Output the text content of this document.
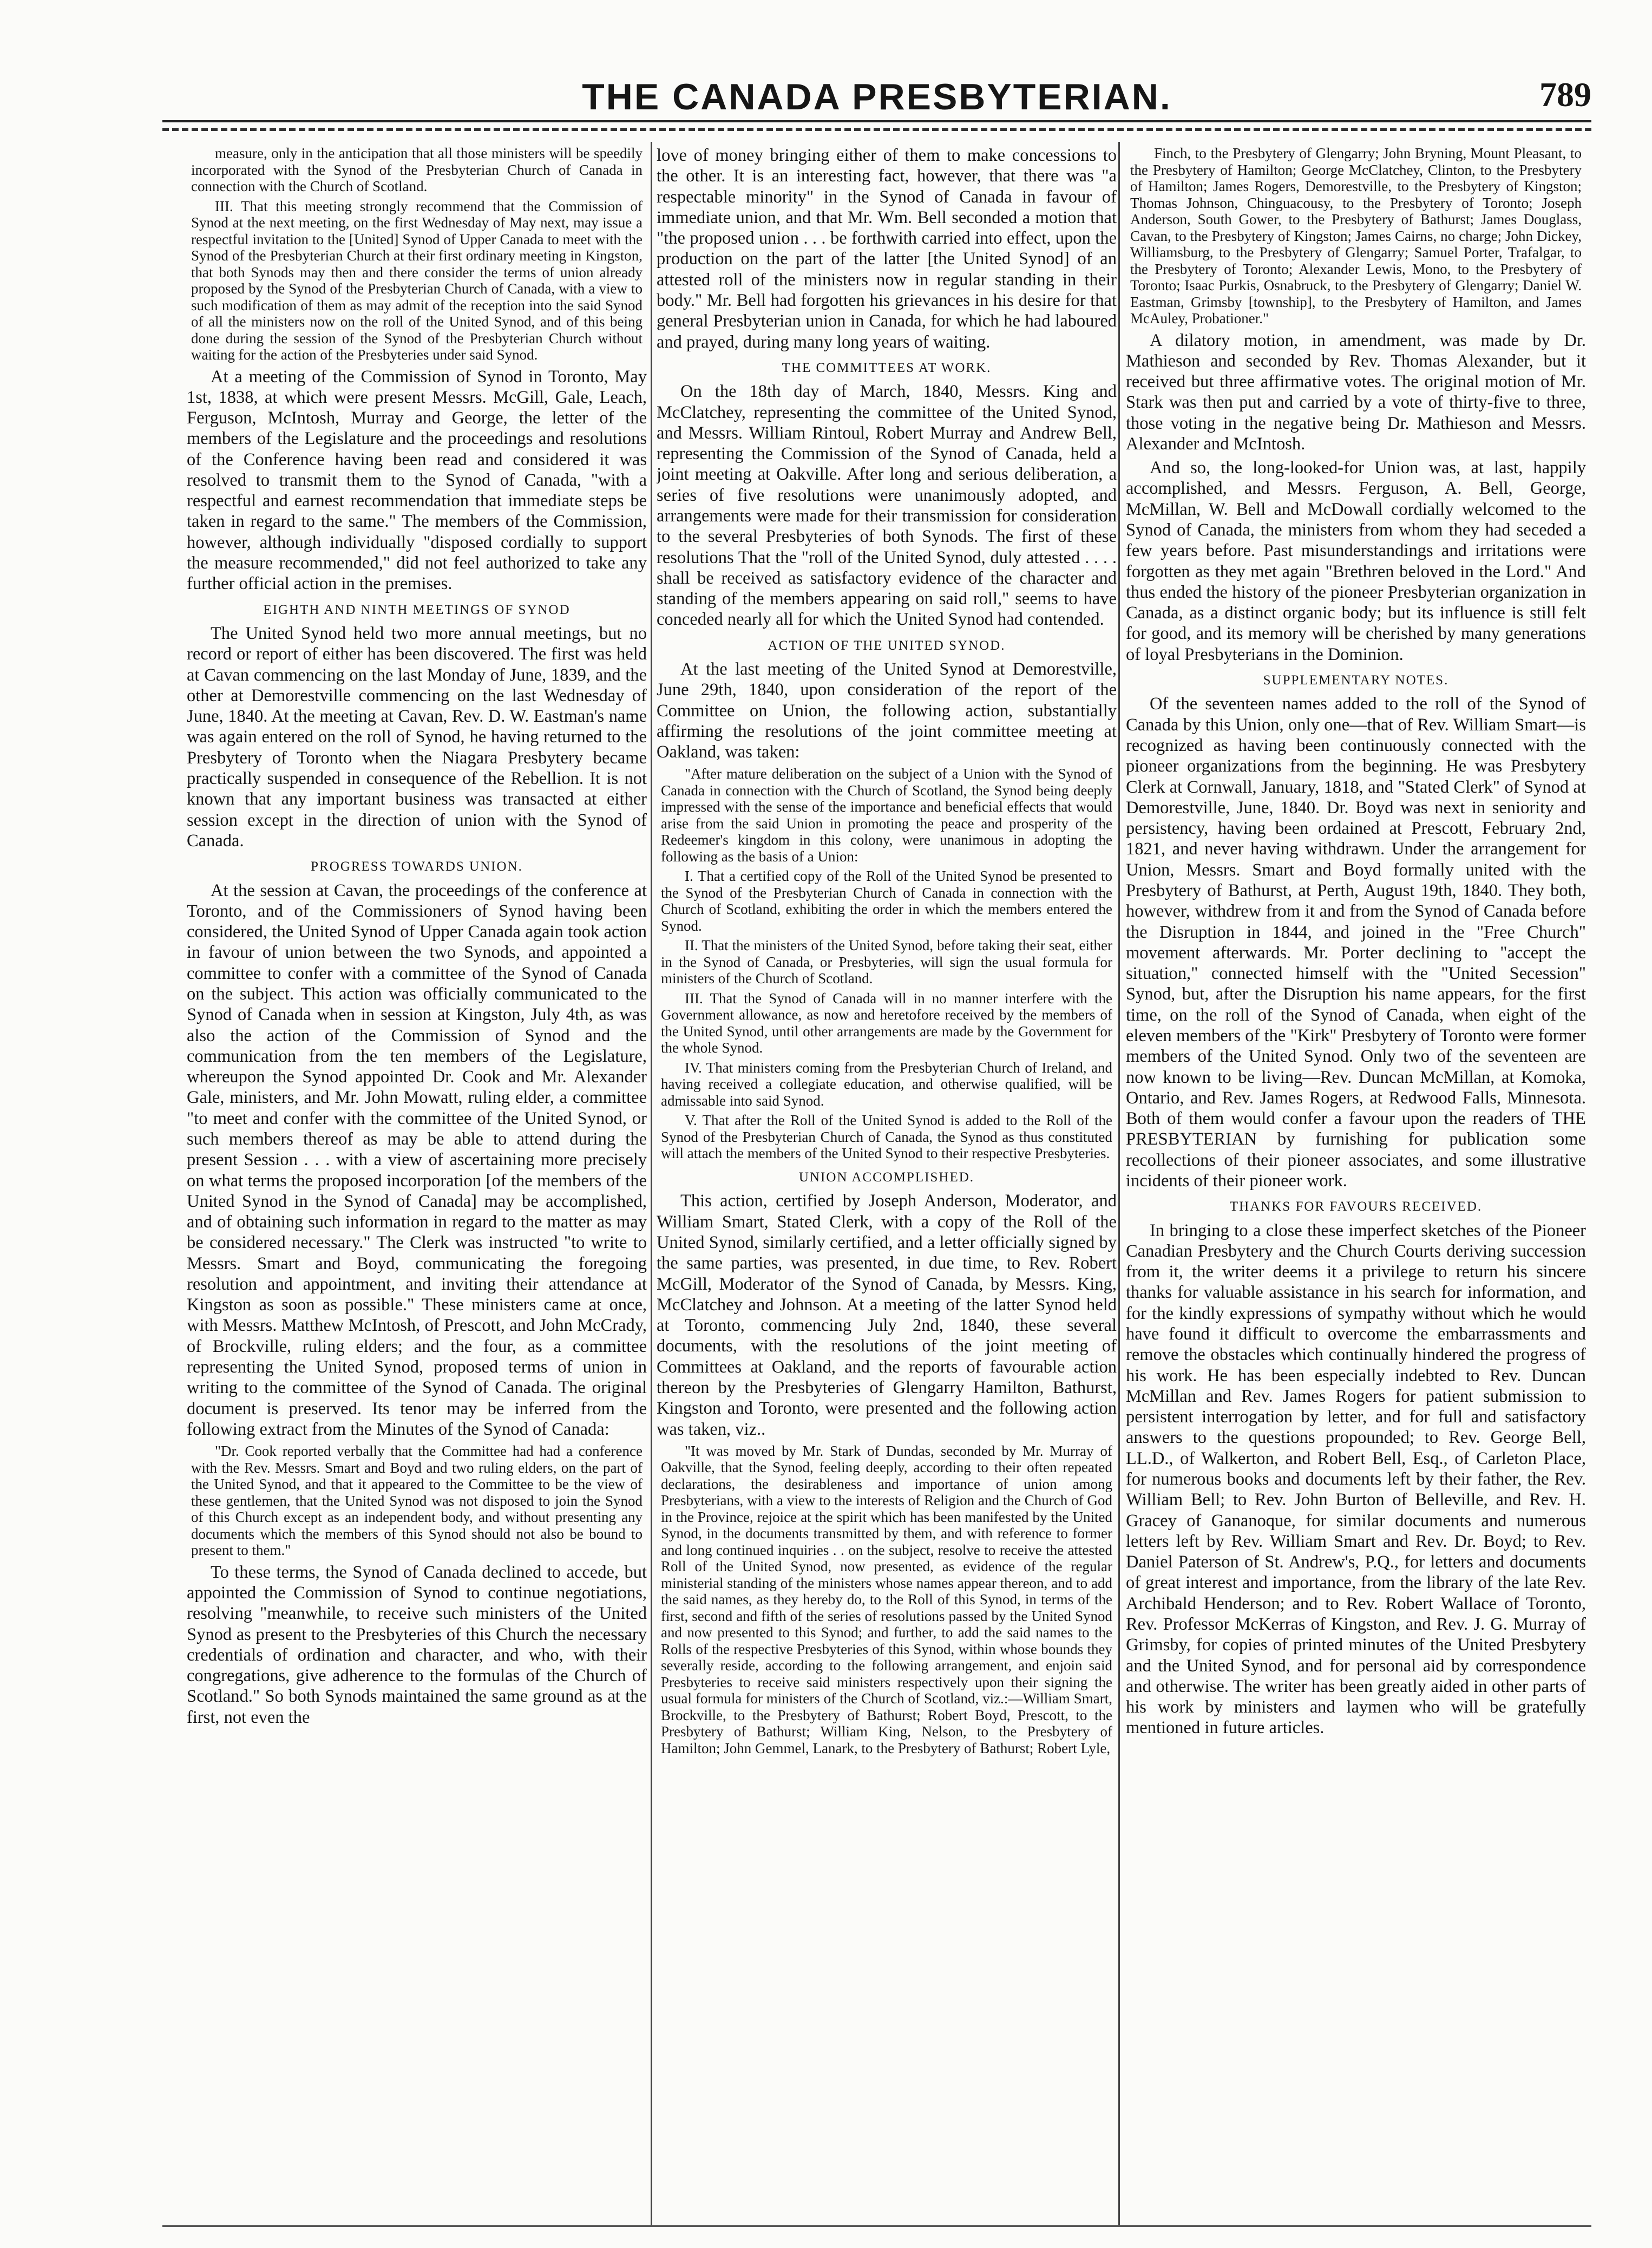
THE CANADA PRESBYTERIAN.	789

measure, only in the anticipation that all those ministers will be speedily incorporated with the Synod of the Presbyterian Church of Canada in connection with the Church of Scotland.

III. That this meeting strongly recommend that the Commission of Synod at the next meeting, on the first Wednesday of May next, may issue a respectful invitation to the [United] Synod of Upper Canada to meet with the Synod of the Presbyterian Church at their first ordinary meeting in Kingston, that both Synods may then and there consider the terms of union already proposed by the Synod of the Presbyterian Church of Canada, with a view to such modification of them as may admit of the reception into the said Synod of all the ministers now on the roll of the United Synod, and of this being done during the session of the Synod of the Presbyterian Church without waiting for the action of the Presbyteries under said Synod.

At a meeting of the Commission of Synod in Toronto, May 1st, 1838, at which were present Messrs. McGill, Gale, Leach, Ferguson, McIntosh, Murray and George, the letter of the members of the Legislature and the proceedings and resolutions of the Conference having been read and considered it was resolved to transmit them to the Synod of Canada, "with a respectful and earnest recommendation that immediate steps be taken in regard to the same." The members of the Commission, however, although individually "disposed cordially to support the measure recommended," did not feel authorized to take any further official action in the premises.

EIGHTH AND NINTH MEETINGS OF SYNOD

The United Synod held two more annual meetings, but no record or report of either has been discovered. The first was held at Cavan commencing on the last Monday of June, 1839, and the other at Demorestville commencing on the last Wednesday of June, 1840. At the meeting at Cavan, Rev. D. W. Eastman's name was again entered on the roll of Synod, he having returned to the Presbytery of Toronto when the Niagara Presbytery became practically suspended in consequence of the Rebellion. It is not known that any important business was transacted at either session except in the direction of union with the Synod of Canada.

PROGRESS TOWARDS UNION.

At the session at Cavan, the proceedings of the conference at Toronto, and of the Commissioners of Synod having been considered, the United Synod of Upper Canada again took action in favour of union between the two Synods, and appointed a committee to confer with a committee of the Synod of Canada on the subject. This action was officially communicated to the Synod of Canada when in session at Kingston, July 4th, as was also the action of the Commission of Synod and the communication from the ten members of the Legislature, whereupon the Synod appointed Dr. Cook and Mr. Alexander Gale, ministers, and Mr. John Mowatt, ruling elder, a committee "to meet and confer with the committee of the United Synod, or such members thereof as may be able to attend during the present Session . . . with a view of ascertaining more precisely on what terms the proposed incorporation [of the members of the United Synod in the Synod of Canada] may be accomplished, and of obtaining such information in regard to the matter as may be considered necessary." The Clerk was instructed "to write to Messrs. Smart and Boyd, communicating the foregoing resolution and appointment, and inviting their attendance at Kingston as soon as possible." These ministers came at once, with Messrs. Matthew McIntosh, of Prescott, and John McCrady, of Brockville, ruling elders; and the four, as a committee representing the United Synod, proposed terms of union in writing to the committee of the Synod of Canada. The original document is preserved. Its tenor may be inferred from the following extract from the Minutes of the Synod of Canada:

"Dr. Cook reported verbally that the Committee had had a conference with the Rev. Messrs. Smart and Boyd and two ruling elders, on the part of the United Synod, and that it appeared to the Committee to be the view of these gentlemen, that the United Synod was not disposed to join the Synod of this Church except as an independent body, and without presenting any documents which the members of this Synod should not also be bound to present to them."

To these terms, the Synod of Canada declined to accede, but appointed the Commission of Synod to continue negotiations, resolving "meanwhile, to receive such ministers of the United Synod as present to the Presbyteries of this Church the necessary credentials of ordination and character, and who, with their congregations, give adherence to the formulas of the Church of Scotland." So both Synods maintained the same ground as at the first, not even the

love of money bringing either of them to make concessions to the other. It is an interesting fact, however, that there was "a respectable minority" in the Synod of Canada in favour of immediate union, and that Mr. Wm. Bell seconded a motion that "the proposed union . . . be forthwith carried into effect, upon the production on the part of the latter [the United Synod] of an attested roll of the ministers now in regular standing in their body." Mr. Bell had forgotten his grievances in his desire for that general Presbyterian union in Canada, for which he had laboured and prayed, during many long years of waiting.

THE COMMITTEES AT WORK.

On the 18th day of March, 1840, Messrs. King and McClatchey, representing the committee of the United Synod, and Messrs. William Rintoul, Robert Murray and Andrew Bell, representing the Commission of the Synod of Canada, held a joint meeting at Oakville. After long and serious deliberation, a series of five resolutions were unanimously adopted, and arrangements were made for their transmission for consideration to the several Presbyteries of both Synods. The first of these resolutions That the "roll of the United Synod, duly attested . . . . shall be received as satisfactory evidence of the character and standing of the members appearing on said roll," seems to have conceded nearly all for which the United Synod had contended.

ACTION OF THE UNITED SYNOD.

At the last meeting of the United Synod at Demorestville, June 29th, 1840, upon consideration of the report of the Committee on Union, the following action, substantially affirming the resolutions of the joint committee meeting at Oakland, was taken:

"After mature deliberation on the subject of a Union with the Synod of Canada in connection with the Church of Scotland, the Synod being deeply impressed with the sense of the importance and beneficial effects that would arise from the said Union in promoting the peace and prosperity of the Redeemer's kingdom in this colony, were unanimous in adopting the following as the basis of a Union:

I. That a certified copy of the Roll of the United Synod be presented to the Synod of the Presbyterian Church of Canada in connection with the Church of Scotland, exhibiting the order in which the members entered the Synod.

II. That the ministers of the United Synod, before taking their seat, either in the Synod of Canada, or Presbyteries, will sign the usual formula for ministers of the Church of Scotland.

III. That the Synod of Canada will in no manner interfere with the Government allowance, as now and heretofore received by the members of the United Synod, until other arrangements are made by the Government for the whole Synod.

IV. That ministers coming from the Presbyterian Church of Ireland, and having received a collegiate education, and otherwise qualified, will be admissable into said Synod.

V. That after the Roll of the United Synod is added to the Roll of the Synod of the Presbyterian Church of Canada, the Synod as thus constituted will attach the members of the United Synod to their respective Presbyteries.

UNION ACCOMPLISHED.

This action, certified by Joseph Anderson, Moderator, and William Smart, Stated Clerk, with a copy of the Roll of the United Synod, similarly certified, and a letter officially signed by the same parties, was presented, in due time, to Rev. Robert McGill, Moderator of the Synod of Canada, by Messrs. King, McClatchey and Johnson. At a meeting of the latter Synod held at Toronto, commencing July 2nd, 1840, these several documents, with the resolutions of the joint meeting of Committees at Oakland, and the reports of favourable action thereon by the Presbyteries of Glengarry Hamilton, Bathurst, Kingston and Toronto, were presented and the following action was taken, viz..

"It was moved by Mr. Stark of Dundas, seconded by Mr. Murray of Oakville, that the Synod, feeling deeply, according to their often repeated declarations, the desirableness and importance of union among Presbyterians, with a view to the interests of Religion and the Church of God in the Province, rejoice at the spirit which has been manifested by the United Synod, in the documents transmitted by them, and with reference to former and long continued inquiries . . on the subject, resolve to receive the attested Roll of the United Synod, now presented, as evidence of the regular ministerial standing of the ministers whose names appear thereon, and to add the said names, as they hereby do, to the Roll of this Synod, in terms of the first, second and fifth of the series of resolutions passed by the United Synod and now presented to this Synod; and further, to add the said names to the Rolls of the respective Presbyteries of this Synod, within whose bounds they severally reside, according to the following arrangement, and enjoin said Presbyteries to receive said ministers respectively upon their signing the usual formula for ministers of the Church of Scotland, viz.:—William Smart, Brockville, to the Presbytery of Bathurst; Robert Boyd, Prescott, to the Presbytery of Bathurst; William King, Nelson, to the Presbytery of Hamilton; John Gemmel, Lanark, to the Presbytery of Bathurst; Robert Lyle,

Finch, to the Presbytery of Glengarry; John Bryning, Mount Pleasant, to the Presbytery of Hamilton; George McClatchey, Clinton, to the Presbytery of Hamilton; James Rogers, Demorestville, to the Presbytery of Kingston; Thomas Johnson, Chinguacousy, to the Presbytery of Toronto; Joseph Anderson, South Gower, to the Presbytery of Bathurst; James Douglass, Cavan, to the Presbytery of Kingston; James Cairns, no charge; John Dickey, Williamsburg, to the Presbytery of Glengarry; Samuel Porter, Trafalgar, to the Presbytery of Toronto; Alexander Lewis, Mono, to the Presbytery of Toronto; Isaac Purkis, Osnabruck, to the Presbytery of Glengarry; Daniel W. Eastman, Grimsby [township], to the Presbytery of Hamilton, and James McAuley, Probationer."

A dilatory motion, in amendment, was made by Dr. Mathieson and seconded by Rev. Thomas Alexander, but it received but three affirmative votes. The original motion of Mr. Stark was then put and carried by a vote of thirty-five to three, those voting in the negative being Dr. Mathieson and Messrs. Alexander and McIntosh.

And so, the long-looked-for Union was, at last, happily accomplished, and Messrs. Ferguson, A. Bell, George, McMillan, W. Bell and McDowall cordially welcomed to the Synod of Canada, the ministers from whom they had seceded a few years before. Past misunderstandings and irritations were forgotten as they met again "Brethren beloved in the Lord." And thus ended the history of the pioneer Presbyterian organization in Canada, as a distinct organic body; but its influence is still felt for good, and its memory will be cherished by many generations of loyal Presbyterians in the Dominion.

SUPPLEMENTARY NOTES.

Of the seventeen names added to the roll of the Synod of Canada by this Union, only one—that of Rev. William Smart—is recognized as having been continuously connected with the pioneer organizations from the beginning. He was Presbytery Clerk at Cornwall, January, 1818, and "Stated Clerk" of Synod at Demorestville, June, 1840. Dr. Boyd was next in seniority and persistency, having been ordained at Prescott, February 2nd, 1821, and never having withdrawn. Under the arrangement for Union, Messrs. Smart and Boyd formally united with the Presbytery of Bathurst, at Perth, August 19th, 1840. They both, however, withdrew from it and from the Synod of Canada before the Disruption in 1844, and joined in the "Free Church" movement afterwards. Mr. Porter declining to "accept the situation," connected himself with the "United Secession" Synod, but, after the Disruption his name appears, for the first time, on the roll of the Synod of Canada, when eight of the eleven members of the "Kirk" Presbytery of Toronto were former members of the United Synod. Only two of the seventeen are now known to be living—Rev. Duncan McMillan, at Komoka, Ontario, and Rev. James Rogers, at Redwood Falls, Minnesota. Both of them would confer a favour upon the readers of THE PRESBYTERIAN by furnishing for publication some recollections of their pioneer associates, and some illustrative incidents of their pioneer work.

THANKS FOR FAVOURS RECEIVED.

In bringing to a close these imperfect sketches of the Pioneer Canadian Presbytery and the Church Courts deriving succession from it, the writer deems it a privilege to return his sincere thanks for valuable assistance in his search for information, and for the kindly expressions of sympathy without which he would have found it difficult to overcome the embarrassments and remove the obstacles which continually hindered the progress of his work. He has been especially indebted to Rev. Duncan McMillan and Rev. James Rogers for patient submission to persistent interrogation by letter, and for full and satisfactory answers to the questions propounded; to Rev. George Bell, LL.D., of Walkerton, and Robert Bell, Esq., of Carleton Place, for numerous books and documents left by their father, the Rev. William Bell; to Rev. John Burton of Belleville, and Rev. H. Gracey of Gananoque, for similar documents and numerous letters left by Rev. William Smart and Rev. Dr. Boyd; to Rev. Daniel Paterson of St. Andrew's, P.Q., for letters and documents of great interest and importance, from the library of the late Rev. Archibald Henderson; and to Rev. Robert Wallace of Toronto, Rev. Professor McKerras of Kingston, and Rev. J. G. Murray of Grimsby, for copies of printed minutes of the United Presbytery and the United Synod, and for personal aid by correspondence and otherwise. The writer has been greatly aided in other parts of his work by ministers and laymen who will be gratefully mentioned in future articles.
